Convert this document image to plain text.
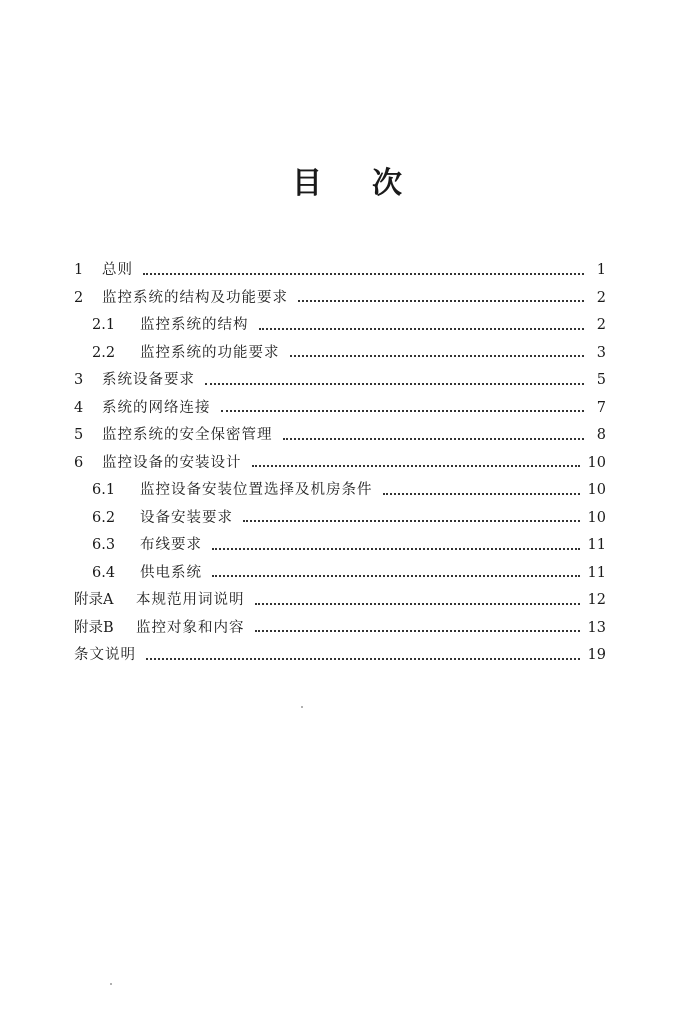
目 次
1	总则	1
2	监控系统的结构及功能要求	2
2.1	监控系统的结构	2
2.2	监控系统的功能要求	3
3	系统设备要求	5
4	系统的网络连接	7
5	监控系统的安全保密管理	8
6	监控设备的安装设计	10
6.1	监控设备安装位置选择及机房条件	10
6.2	设备安装要求	10
6.3	布线要求	11
6.4	供电系统	11
附录A	本规范用词说明	12
附录B	监控对象和内容	13
条文说明	19
